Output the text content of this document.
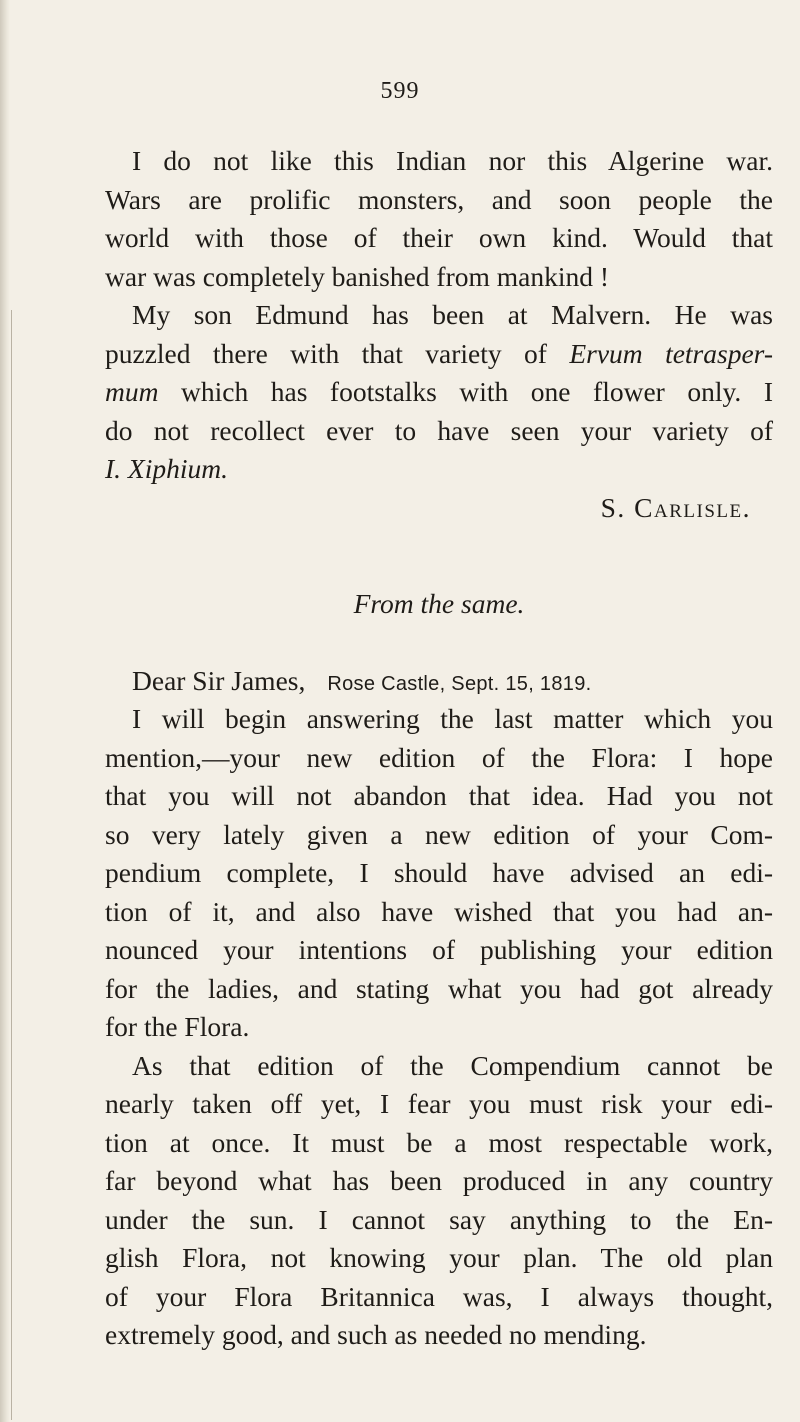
599
I do not like this Indian nor this Algerine war.
Wars are prolific monsters, and soon people the
world with those of their own kind. Would that
war was completely banished from mankind !
My son Edmund has been at Malvern. He was
puzzled there with that variety of Ervum tetrasper-
mum which has footstalks with one flower only. I
do not recollect ever to have seen your variety of
I. Xiphium.
S. Carlisle.
From the same.
Dear Sir James, Rose Castle, Sept. 15, 1819.
I will begin answering the last matter which you
mention,—your new edition of the Flora: I hope
that you will not abandon that idea. Had you not
so very lately given a new edition of your Com-
pendium complete, I should have advised an edi-
tion of it, and also have wished that you had an-
nounced your intentions of publishing your edition
for the ladies, and stating what you had got already
for the Flora.
As that edition of the Compendium cannot be
nearly taken off yet, I fear you must risk your edi-
tion at once. It must be a most respectable work,
far beyond what has been produced in any country
under the sun. I cannot say anything to the En-
glish Flora, not knowing your plan. The old plan
of your Flora Britannica was, I always thought,
extremely good, and such as needed no mending.
